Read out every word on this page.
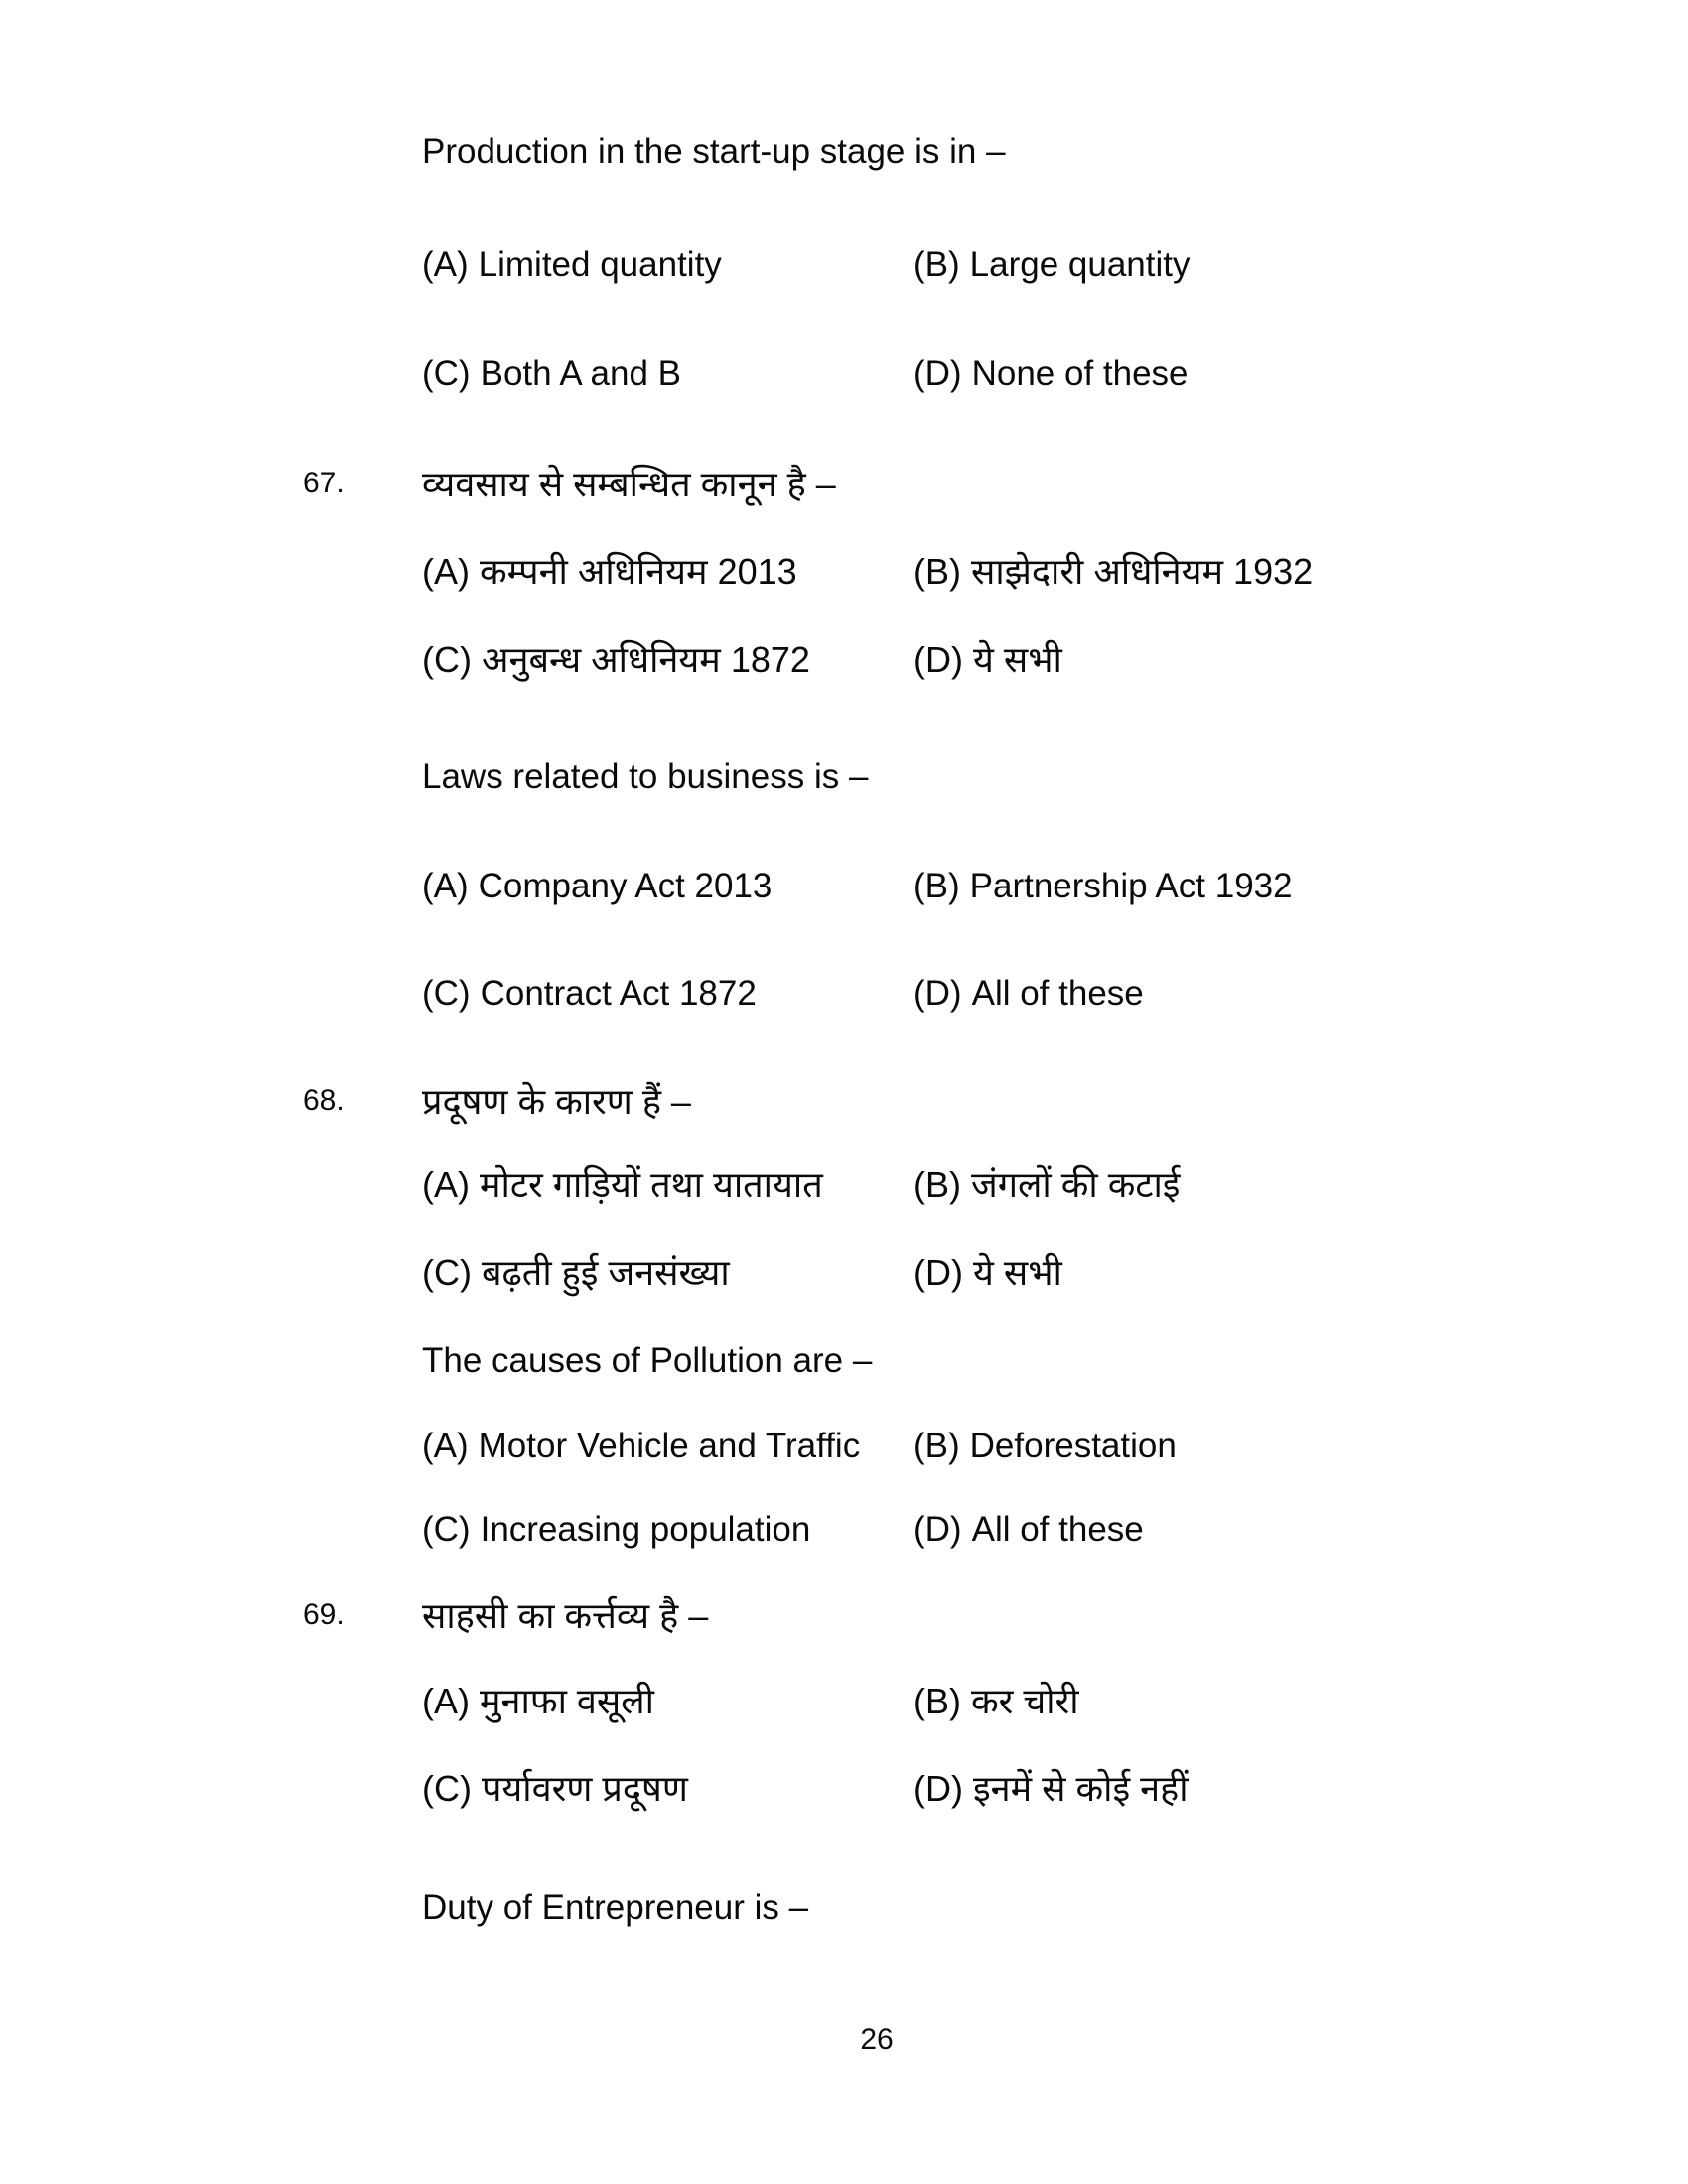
Production in the start-up stage is in –
(A) Limited quantity	(B) Large quantity
(C) Both A and B	(D) None of these
67. व्यवसाय से सम्बन्धित कानून है –
(A) कम्पनी अधिनियम 2013	(B) साझेदारी अधिनियम 1932
(C) अनुबन्ध अधिनियम 1872	(D) ये सभी
Laws related to business is –
(A) Company Act 2013	(B) Partnership Act 1932
(C) Contract Act 1872	(D) All of these
68. प्रदूषण के कारण हैं –
(A) मोटर गाड़ियों तथा यातायात	(B) जंगलों की कटाई
(C) बढ़ती हुई जनसंख्या	(D) ये सभी
The causes of Pollution are –
(A) Motor Vehicle and Traffic (B) Deforestation
(C) Increasing population	(D) All of these
69. साहसी का कर्त्तव्य है –
(A) मुनाफा वसूली	(B) कर चोरी
(C) पर्यावरण प्रदूषण	(D) इनमें से कोई नहीं
Duty of Entrepreneur is –
26
